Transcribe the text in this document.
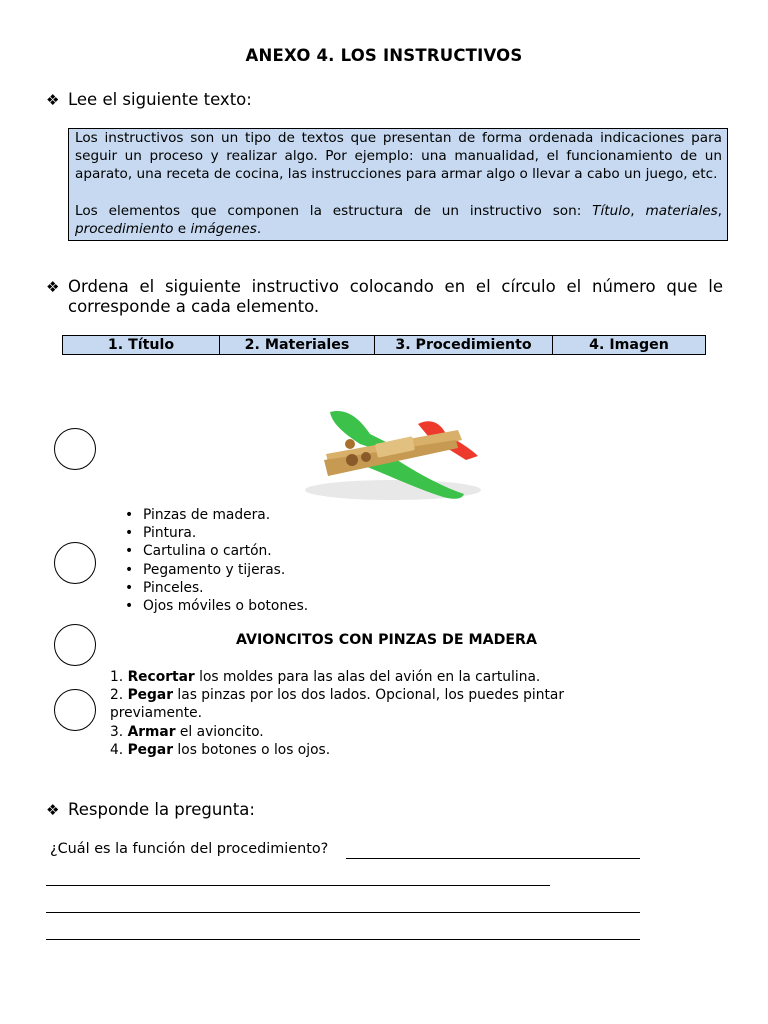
ANEXO 4. LOS INSTRUCTIVOS
❖ Lee el siguiente texto:

Los instructivos son un tipo de textos que presentan de forma ordenada indicaciones para seguir un proceso y realizar algo. Por ejemplo: una manualidad, el funcionamiento de un aparato, una receta de cocina, las instrucciones para armar algo o llevar a cabo un juego, etc.

Los elementos que componen la estructura de un instructivo son: Título, materiales, procedimiento e imágenes.

❖ Ordena el siguiente instructivo colocando en el círculo el número que le corresponde a cada elemento.
1. Título	2. Materiales	3. Procedimiento	4. Imagen
• Pinzas de madera.
• Pintura.
• Cartulina o cartón.
• Pegamento y tijeras.
• Pinceles.
• Ojos móviles o botones.
AVIONCITOS CON PINZAS DE MADERA
1. Recortar los moldes para las alas del avión en la cartulina.
2. Pegar las pinzas por los dos lados. Opcional, los puedes pintar previamente.
3. Armar el avioncito.
4. Pegar los botones o los ojos.
❖ Responde la pregunta:
¿Cuál es la función del procedimiento?
